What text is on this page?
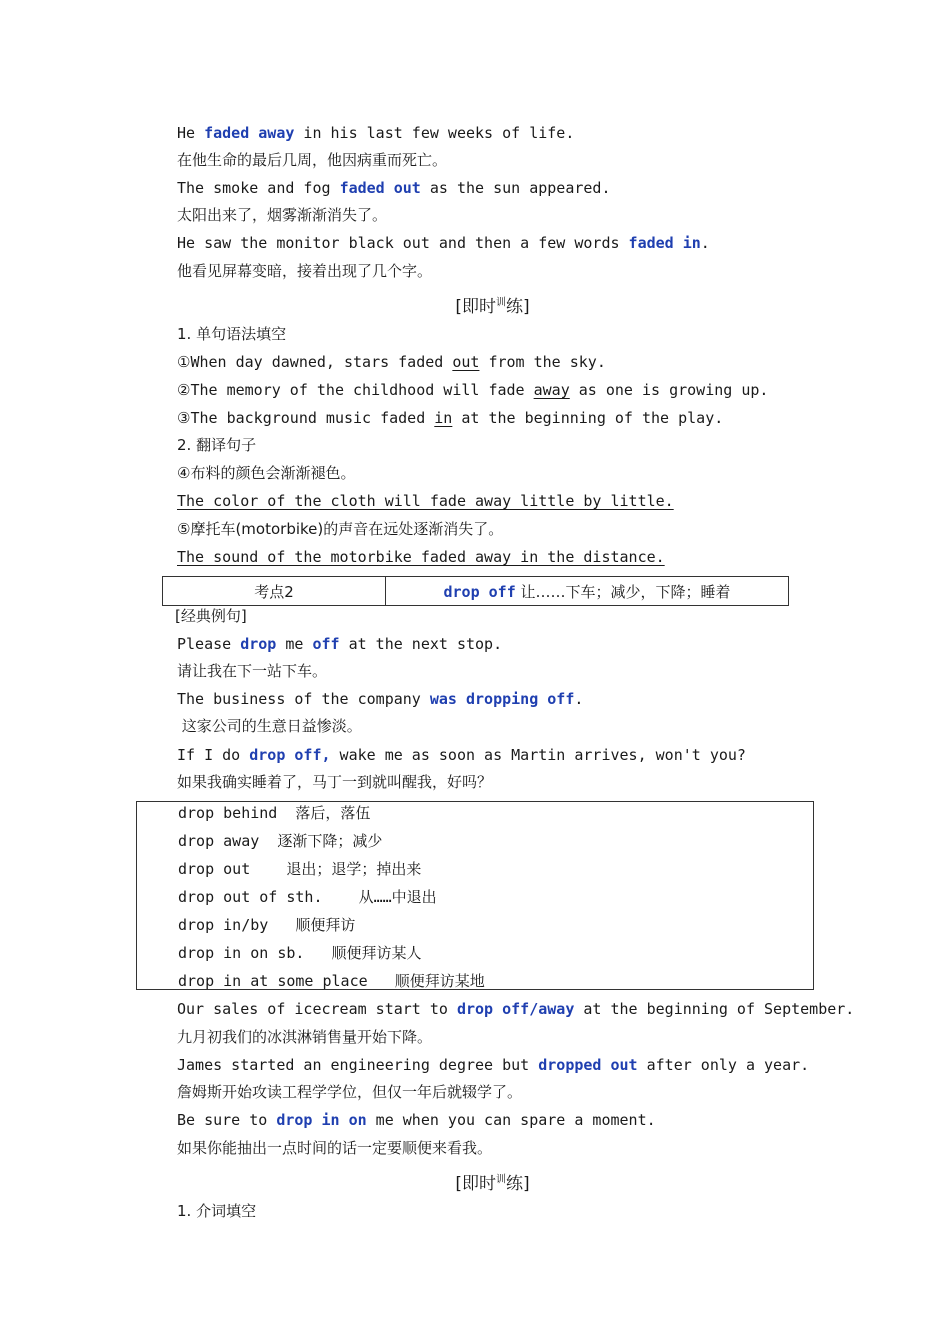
He faded away in his last few weeks of life.
在他生命的最后几周，他因病重而死亡。
The smoke and fog faded out as the sun appeared.
太阳出来了，烟雾渐渐消失了。
He saw the monitor black out and then a few words faded in.
他看见屏幕变暗，接着出现了几个字。
[即时$^训$练]
1. 单句语法填空
①When day dawned, stars faded out from the sky.
②The memory of the childhood will fade away as one is growing up.
③The background music faded in at the beginning of the play.
2. 翻译句子
④布料的颜色会渐渐褪色。
The color of the cloth will fade away little by little.
⑤摩托车(motorbike)的声音在远处逐渐消失了。
The sound of the motorbike faded away in the distance.
考点2	drop off 让……下车；减少，下降；睡着
[经典例句]
Please drop me off at the next stop.
请让我在下一站下车。
The business of the company was dropping off.
这家公司的生意日益惨淡。
If I do drop off, wake me as soon as Martin arrives, won't you?
如果我确实睡着了，马丁一到就叫醒我，好吗？
drop behind  落后，落伍
drop away  逐渐下降；减少
drop out    退出；退学；掉出来
drop out of sth.    从……中退出
drop in/by   顺便拜访
drop in on sb.   顺便拜访某人
drop in at some place   顺便拜访某地
Our sales of icecream start to drop off/away at the beginning of September.
九月初我们的冰淇淋销售量开始下降。
James started an engineering degree but dropped out after only a year.
詹姆斯开始攻读工程学学位，但仅一年后就辍学了。
Be sure to drop in on me when you can spare a moment.
如果你能抽出一点时间的话一定要顺便来看我。
[即时$^训$练]
1. 介词填空
